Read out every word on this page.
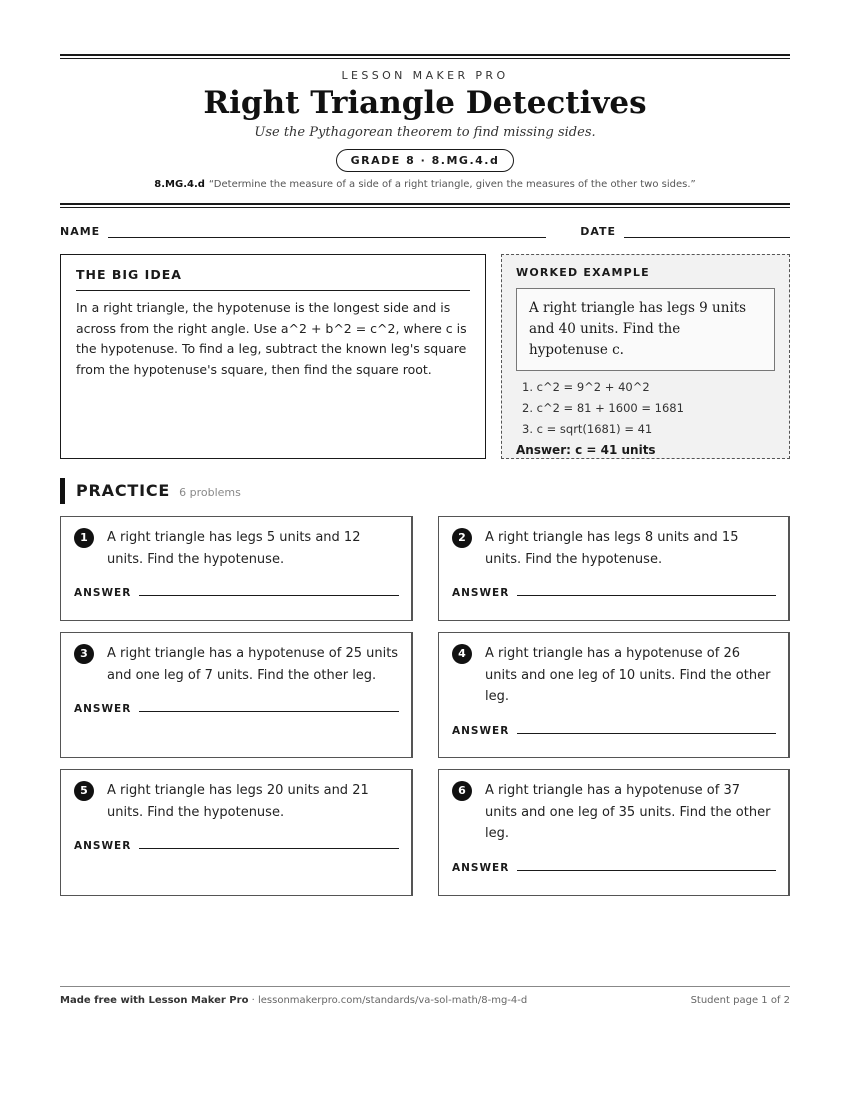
LESSON MAKER PRO
Right Triangle Detectives
Use the Pythagorean theorem to find missing sides.
GRADE 8 · 8.MG.4.d
8.MG.4.d “Determine the measure of a side of a right triangle, given the measures of the other two sides.”
NAME	DATE
THE BIG IDEA

In a right triangle, the hypotenuse is the longest side and is across from the right angle. Use a^2 + b^2 = c^2, where c is the hypotenuse. To find a leg, subtract the known leg's square from the hypotenuse's square, then find the square root.

WORKED EXAMPLE
A right triangle has legs 9 units and 40 units. Find the hypotenuse c.
1. c^2 = 9^2 + 40^2
2. c^2 = 81 + 1600 = 1681
3. c = sqrt(1681) = 41
Answer: c = 41 units
PRACTICE 6 problems
1	A right triangle has legs 5 units and 12 units. Find the hypotenuse.
ANSWER
2	A right triangle has legs 8 units and 15 units. Find the hypotenuse.
ANSWER
3	A right triangle has a hypotenuse of 25 units and one leg of 7 units. Find the other leg.
ANSWER
4	A right triangle has a hypotenuse of 26 units and one leg of 10 units. Find the other leg.
ANSWER
5	A right triangle has legs 20 units and 21 units. Find the hypotenuse.
ANSWER
6	A right triangle has a hypotenuse of 37 units and one leg of 35 units. Find the other leg.
ANSWER
Made free with Lesson Maker Pro · lessonmakerpro.com/standards/va-sol-math/8-mg-4-d	Student page 1 of 2
